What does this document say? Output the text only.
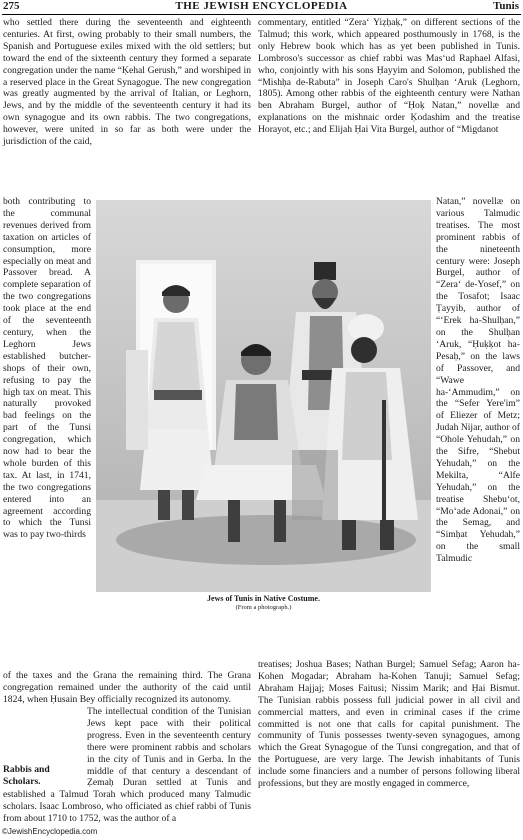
275	THE JEWISH ENCYCLOPEDIA	Tunis

who settled there during the seventeenth and eighteenth centuries. At first, owing probably to their small numbers, the Spanish and Portuguese exiles mixed with the old settlers; but toward the end of the sixteenth century they formed a separate congregation under the name “Ḳehal Gerush,” and worshiped in a reserved place in the Great Synagogue. The new congregation was greatly augmented by the arrival of Italian, or Leghorn, Jews, and by the middle of the seventeenth century it had its own synagogue and its own rabbis. The two congregations, however, were united in so far as both were under the jurisdiction of the caid,

both contributing to the communal revenues derived from taxation on articles of consumption, more especially on meat and Passover bread. A complete separation of the two congregations took place at the end of the seventeenth century, when the Leghorn Jews established butcher-shops of their own, refusing to pay the high tax on meat. This naturally provoked bad feelings on the part of the Tunsi congregation, which now had to bear the whole burden of this tax. At last, in 1741, the two congregations entered into an agreement according to which the Tunsi was to pay two-thirds

of the taxes and the Grana the remaining third. The Grana congregation remained under the authority of the caid until 1824, when Ḥusain Bey officially recognized its autonomy.

Rabbis and Scholars.

The intellectual condition of the Tunisian Jews kept pace with their political progress. Even in the seventeenth century there were prominent rabbis and scholars in the city of Tunis and in Gerba. In the middle of that century a descendant of Ẓemaḥ Duran settled at Tunis and established a Talmud Torah which produced many Talmudic scholars. Isaac Lombroso, who officiated as chief rabbi of Tunis from about 1710 to 1752, was the author of a

commentary, entitled “Zera‘ Yiẓḥaḳ,” on different sections of the Talmud; this work, which appeared posthumously in 1768, is the only Hebrew book which has as yet been published in Tunis. Lombroso's successor as chief rabbi was Mas‘ud Raphael Alfasi, who, conjointly with his sons Ḥayyim and Solomon, published the “Mishḥa de-Rabuta” in Joseph Caro's Shulḥan ‘Aruk (Leghorn, 1805). Among other rabbis of the eighteenth century were Nathan ben Abraham Burgel, author of “Ḥoḳ Natan,” novellæ and explanations on the mishnaic order Ḳodashim and the treatise Horayot, etc.; and Elijah Ḥai Vita Burgel, author of “Migdanot

Natan,” novellæ on various Talmudic treatises. The most prominent rabbis of the nineteenth century were: Joseph Burgel, author of “Zera‘ de-Yosef,” on the Tosafot; Isaac Ṭayyib, author of “‘Erek ha-Shulḥan,” on the Shulḥan ‘Aruk, “Ḥuḳḳot ha-Pesaḥ,” on the laws of Passover, and “Wawe ha-‘Ammudim,” on the “Sefer Yere'im” of Eliezer of Metz; Judah Nijar, author of “Ohole Yehudah,” on the Sifre, “Shebut Yehudah,” on the Mekilta, “Alfe Yehudah,” on the treatise Shebu‘ot, “Mo‘ade Adonai,” on the Semag, and “Simḥat Yehudah,” on the small Talmudic

treatises; Joshua Bases; Nathan Burgel; Samuel Sefag; Aaron ha-Kohen Mogadar; Abraham ha-Kohen Tanuji; Samuel Sefag; Abraham Hajjaj; Moses Faitusi; Nissim Marik; and Ḥai Bismut. The Tunisian rabbis possess full judicial power in all civil and commercial matters, and even in criminal cases if the crime committed is not one that calls for capital punishment. The community of Tunis possesses twenty-seven synagogues, among which the Great Synagogue of the Tunsi congregation, and that of the Portuguese, are very large. The Jewish inhabitants of Tunis include some financiers and a number of persons following liberal professions, but they are mostly engaged in commerce,

Jews of Tunis in Native Costume.

(From a photograph.)

©JewishEncyclopedia.com
